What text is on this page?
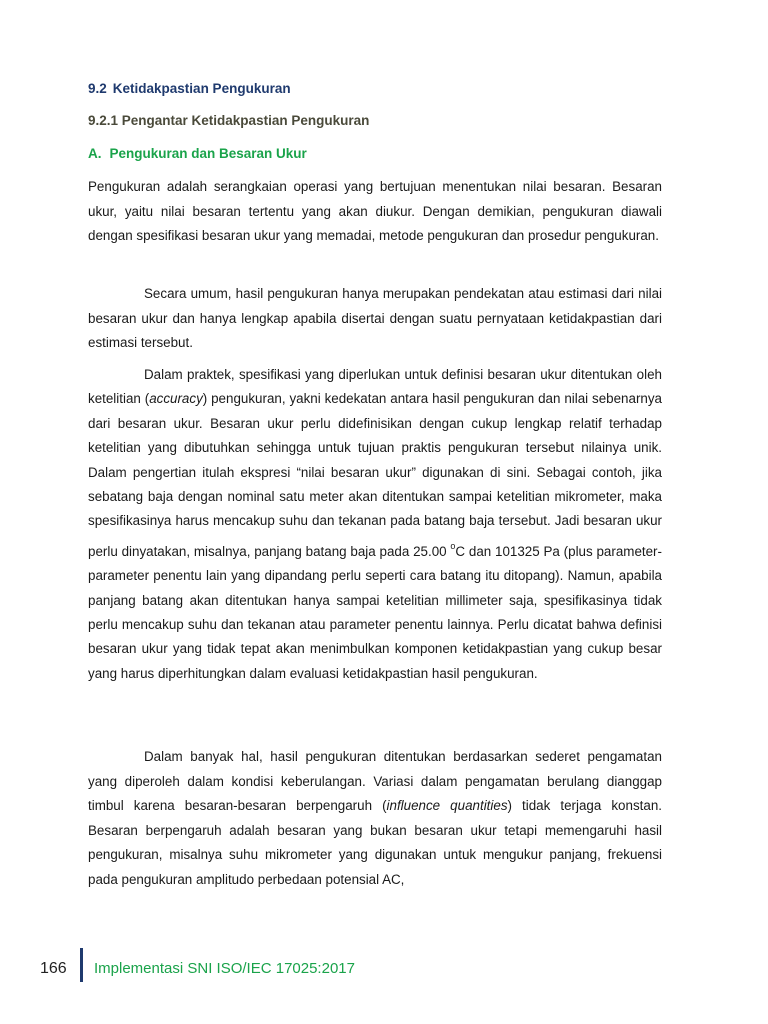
9.2 Ketidakpastian Pengukuran
9.2.1 Pengantar Ketidakpastian Pengukuran
A. Pengukuran dan Besaran Ukur

Pengukuran adalah serangkaian operasi yang bertujuan menentukan nilai besaran. Besaran ukur, yaitu nilai besaran tertentu yang akan diukur. Dengan demikian, pengukuran diawali dengan spesifikasi besaran ukur yang memadai, metode pengukuran dan prosedur pengukuran.

Secara umum, hasil pengukuran hanya merupakan pendekatan atau estimasi dari nilai besaran ukur dan hanya lengkap apabila disertai dengan suatu pernyataan ketidakpastian dari estimasi tersebut.

Dalam praktek, spesifikasi yang diperlukan untuk definisi besaran ukur ditentukan oleh ketelitian (accuracy) pengukuran, yakni kedekatan antara hasil pengukuran dan nilai sebenarnya dari besaran ukur. Besaran ukur perlu didefinisikan dengan cukup lengkap relatif terhadap ketelitian yang dibutuhkan sehingga untuk tujuan praktis pengukuran tersebut nilainya unik. Dalam pengertian itulah ekspresi “nilai besaran ukur” digunakan di sini. Sebagai contoh, jika sebatang baja dengan nominal satu meter akan ditentukan sampai ketelitian mikrometer, maka spesifikasinya harus mencakup suhu dan tekanan pada batang baja tersebut. Jadi besaran ukur perlu dinyatakan, misalnya, panjang batang baja pada 25.00 $^o$C dan 101325 Pa (plus parameter-parameter penentu lain yang dipandang perlu seperti cara batang itu ditopang). Namun, apabila panjang batang akan ditentukan hanya sampai ketelitian millimeter saja, spesifikasinya tidak perlu mencakup suhu dan tekanan atau parameter penentu lainnya. Perlu dicatat bahwa definisi besaran ukur yang tidak tepat akan menimbulkan komponen ketidakpastian yang cukup besar yang harus diperhitungkan dalam evaluasi ketidakpastian hasil pengukuran.

Dalam banyak hal, hasil pengukuran ditentukan berdasarkan sederet pengamatan yang diperoleh dalam kondisi keberulangan. Variasi dalam pengamatan berulang dianggap timbul karena besaran-besaran berpengaruh (influence quantities) tidak terjaga konstan. Besaran berpengaruh adalah besaran yang bukan besaran ukur tetapi memengaruhi hasil pengukuran, misalnya suhu mikrometer yang digunakan untuk mengukur panjang, frekuensi pada pengukuran amplitudo perbedaan potensial AC,

166 Implementasi SNI ISO/IEC 17025:2017
